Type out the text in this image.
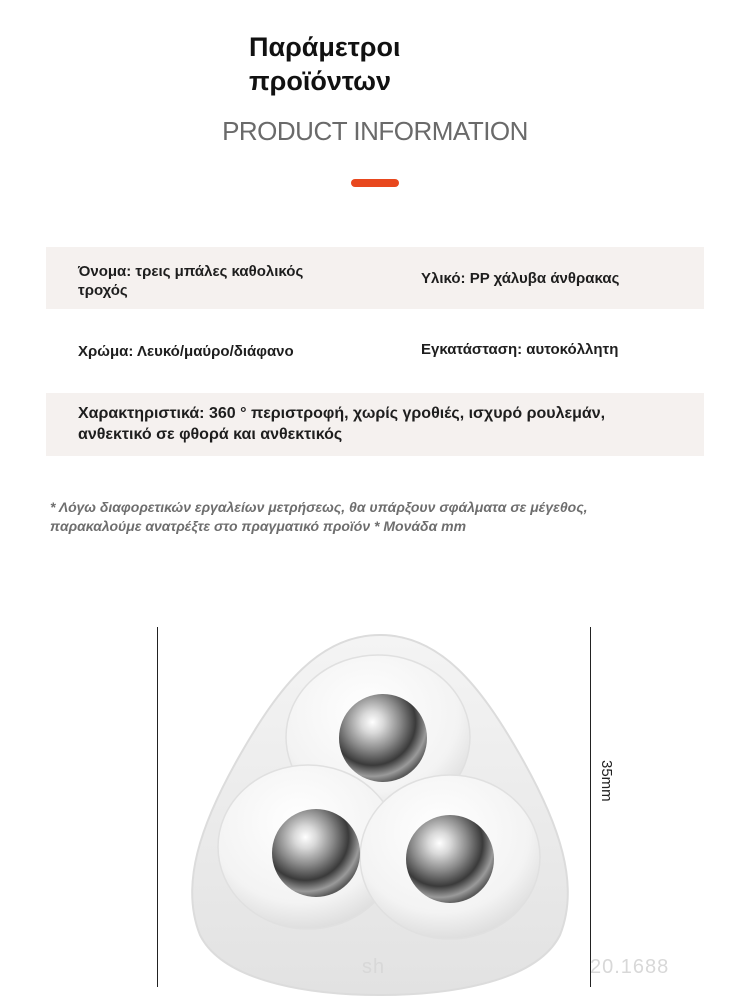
Παράμετροι προϊόντων
PRODUCT INFORMATION
Όνομα: τρεις μπάλες καθολικός τροχός
Υλικό: PP χάλυβα άνθρακας
Χρώμα: Λευκό/μαύρο/διάφανο	Εγκατάσταση: αυτοκόλλητη
Χαρακτηριστικά: 360 ° περιστροφή, χωρίς γροθιές, ισχυρό ρουλεμάν, ανθεκτικό σε φθορά και ανθεκτικός
* Λόγω διαφορετικών εργαλείων μετρήσεως, θα υπάρξουν σφάλματα σε μέγεθος, παρακαλούμε ανατρέξτε στο πραγματικό προϊόν * Μονάδα mm
35mm
sh	20.1688
